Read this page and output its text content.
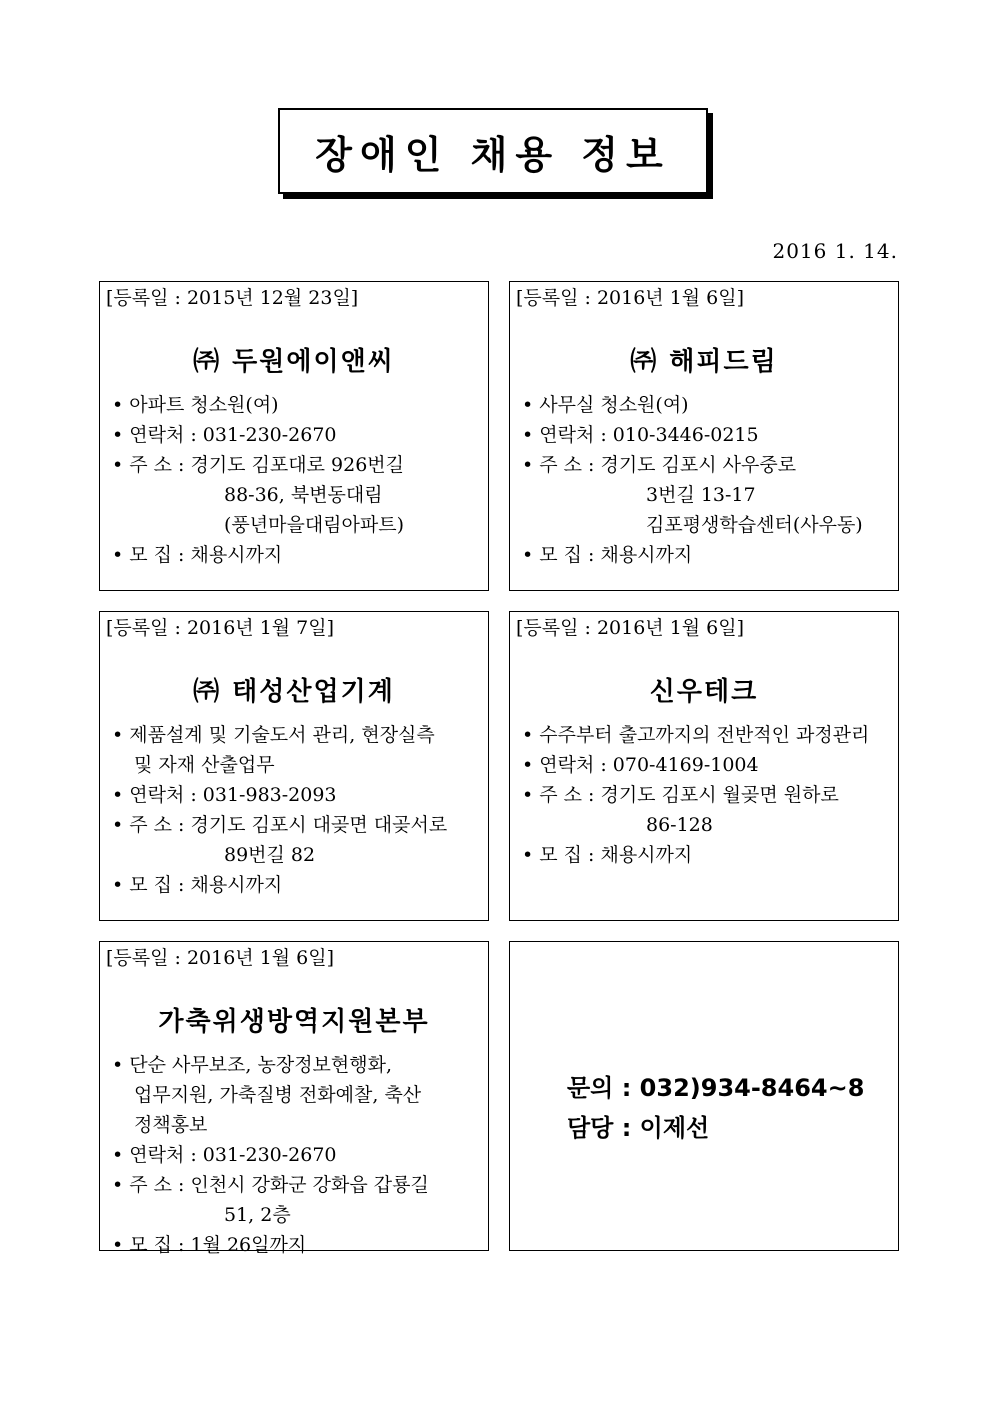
장애인 채용 정보
2016 1. 14.
[등록일 : 2015년 12월 23일]
㈜ 두원에이앤씨
• 아파트 청소원(여)
• 연락처 : 031-230-2670
• 주 소 : 경기도 김포대로 926번길
88-36, 북변동대림
(풍년마을대림아파트)
• 모 집 : 채용시까지
[등록일 : 2016년 1월 6일]
㈜ 해피드림
• 사무실 청소원(여)
• 연락처 : 010-3446-0215
• 주 소 : 경기도 김포시 사우중로
3번길 13-17
김포평생학습센터(사우동)
• 모 집 : 채용시까지
[등록일 : 2016년 1월 7일]
㈜ 태성산업기계
• 제품설계 및 기술도서 관리, 현장실측
및 자재 산출업무
• 연락처 : 031-983-2093
• 주 소 : 경기도 김포시 대곶면 대곶서로
89번길 82
• 모 집 : 채용시까지
[등록일 : 2016년 1월 6일]
신우테크
• 수주부터 출고까지의 전반적인 과정관리
• 연락처 : 070-4169-1004
• 주 소 : 경기도 김포시 월곶면 원하로
86-128
• 모 집 : 채용시까지
[등록일 : 2016년 1월 6일]
가축위생방역지원본부
• 단순 사무보조, 농장정보현행화,
업무지원, 가축질병 전화예찰, 축산
정책홍보
• 연락처 : 031-230-2670
• 주 소 : 인천시 강화군 강화읍 갑룡길
51, 2층
• 모 집 : 1월 26일까지
문의 : 032)934-8464~8
담당 : 이제선
